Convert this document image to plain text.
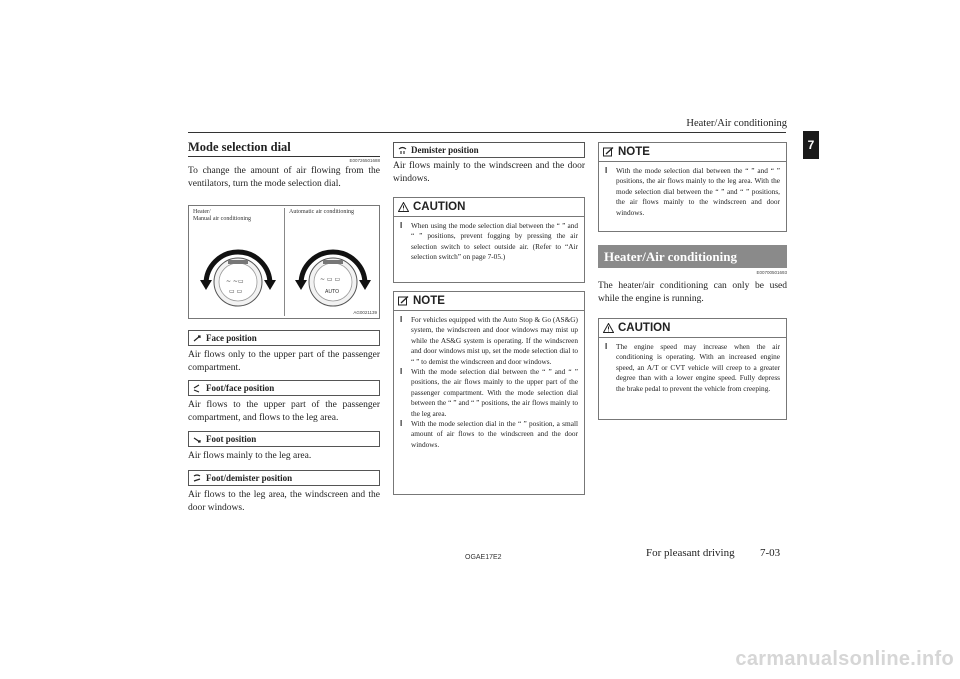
Heater/Air conditioning
7
Mode selection dial
E00726501688
To change the amount of air flowing from the ventilators, turn the mode selection dial.
Heater/
Manual air conditioning
Automatic air conditioning
~ ~ ▭
▭ ▭
~ ▭ ▭
AUTO
AG0021139
Face position
Air flows only to the upper part of the passenger compartment.
Foot/face position
Air flows to the upper part of the passenger compartment, and flows to the leg area.
Foot position
Air flows mainly to the leg area.
Foot/demister position
Air flows to the leg area, the windscreen and the door windows.
Demister position
Air flows mainly to the windscreen and the door windows.
CAUTION
l When using the mode selection dial between the “ ” and “ ” positions, prevent fogging by pressing the air selection switch to select outside air. (Refer to “Air selection switch” on page 7-05.)
NOTE
l For vehicles equipped with the Auto Stop & Go (AS&G) system, the windscreen and door windows may mist up while the AS&G system is operating. If the windscreen and door windows mist up, set the mode selection dial to “ ” to demist the windscreen and door windows.
l With the mode selection dial between the “ ” and “ ” positions, the air flows mainly to the upper part of the passenger compartment. With the mode selection dial between the “ ” and “ ” positions, the air flows mainly to the leg area.
l With the mode selection dial in the “ ” position, a small amount of air flows to the windscreen and the door windows.
NOTE
l With the mode selection dial between the “ ” and “ ” positions, the air flows mainly to the leg area. With the mode selection dial between the “ ” and “ ” positions, the air flows mainly to the windscreen and door windows.
Heater/Air conditioning
E00700501693
The heater/air conditioning can only be used while the engine is running.
CAUTION
l The engine speed may increase when the air conditioning is operating. With an increased engine speed, an A/T or CVT vehicle will creep to a greater degree than with a lower engine speed. Fully depress the brake pedal to prevent the vehicle from creeping.
OGAE17E2	For pleasant driving 7-03
carmanualsonline.info
